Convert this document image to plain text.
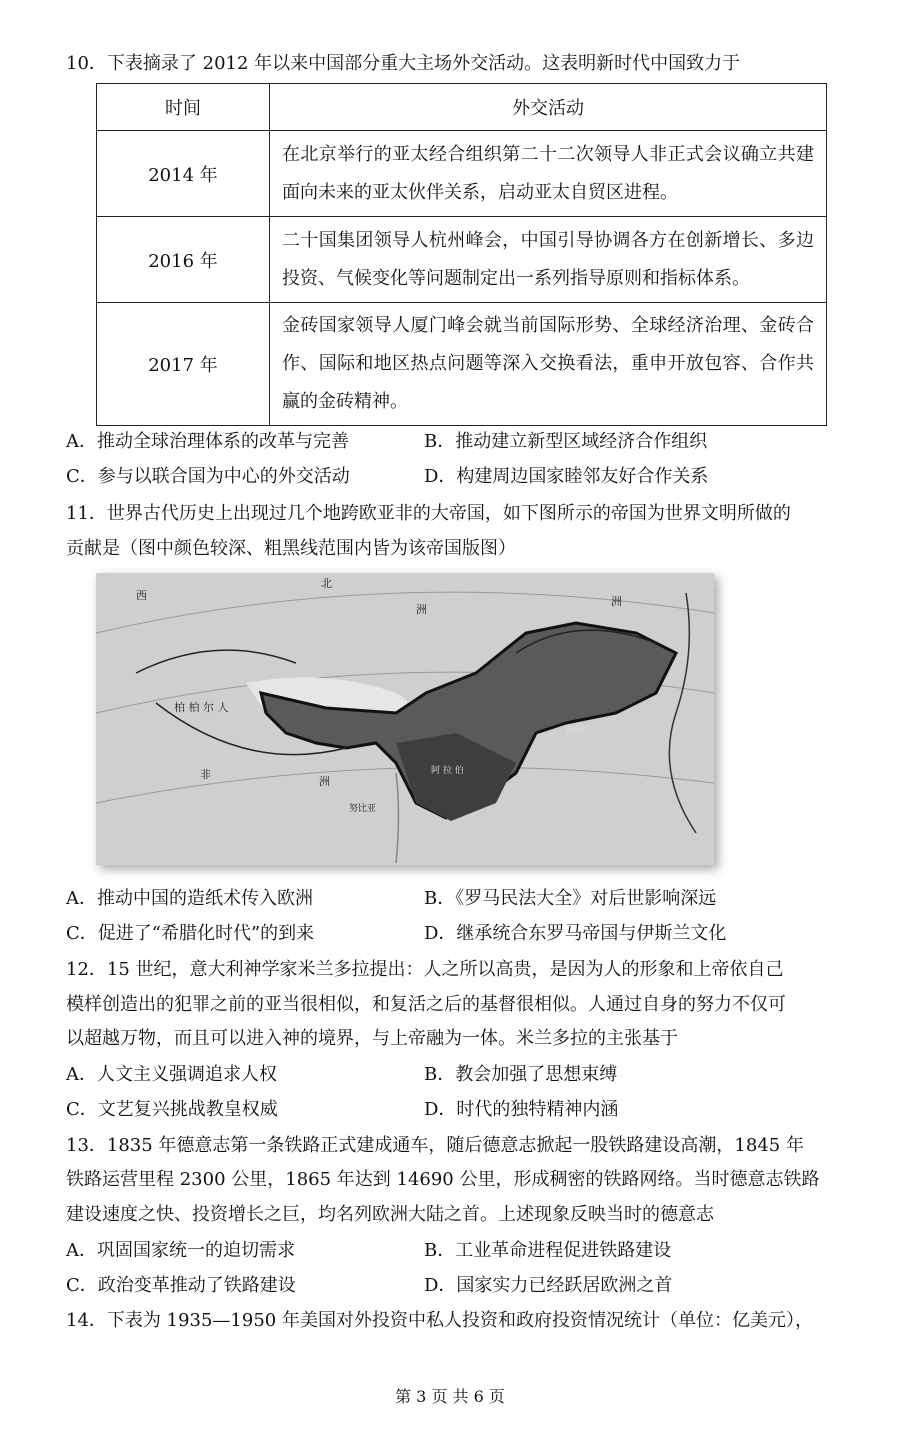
10．下表摘录了 2012 年以来中国部分重大主场外交活动。这表明新时代中国致力于
时间	外交活动
2014 年	在北京举行的亚太经合组织第二十二次领导人非正式会议确立共建面向未来的亚太伙伴关系，启动亚太自贸区进程。
2016 年	二十国集团领导人杭州峰会，中国引导协调各方在创新增长、多边投资、气候变化等问题制定出一系列指导原则和指标体系。
2017 年	金砖国家领导人厦门峰会就当前国际形势、全球经济治理、金砖合作、国际和地区热点问题等深入交换看法，重申开放包容、合作共赢的金砖精神。
A．推动全球治理体系的改革与完善	B．推动建立新型区域经济合作组织
C．参与以联合国为中心的外交活动	D．构建周边国家睦邻友好合作关系
11．世界古代历史上出现过几个地跨欧亚非的大帝国，如下图所示的帝国为世界文明所做的
贡献是（图中颜色较深、粗黑线范围内皆为该帝国版图）
北
洲
西
柏 柏 尔 人
非
洲
努比亚
洲
阿富汗
阿 拉 伯
A．推动中国的造纸术传入欧洲	B．《罗马民法大全》对后世影响深远
C．促进了“希腊化时代”的到来	D．继承统合东罗马帝国与伊斯兰文化
12．15 世纪，意大利神学家米兰多拉提出：人之所以高贵，是因为人的形象和上帝依自己
模样创造出的犯罪之前的亚当很相似，和复活之后的基督很相似。人通过自身的努力不仅可
以超越万物，而且可以进入神的境界，与上帝融为一体。米兰多拉的主张基于
A．人文主义强调追求人权	B．教会加强了思想束缚
C．文艺复兴挑战教皇权威	D．时代的独特精神内涵
13．1835 年德意志第一条铁路正式建成通车，随后德意志掀起一股铁路建设高潮，1845 年
铁路运营里程 2300 公里，1865 年达到 14690 公里，形成稠密的铁路网络。当时德意志铁路
建设速度之快、投资增长之巨，均名列欧洲大陆之首。上述现象反映当时的德意志
A．巩固国家统一的迫切需求	B．工业革命进程促进铁路建设
C．政治变革推动了铁路建设	D．国家实力已经跃居欧洲之首
14．下表为 1935—1950 年美国对外投资中私人投资和政府投资情况统计（单位：亿美元），
第 3 页 共 6 页
